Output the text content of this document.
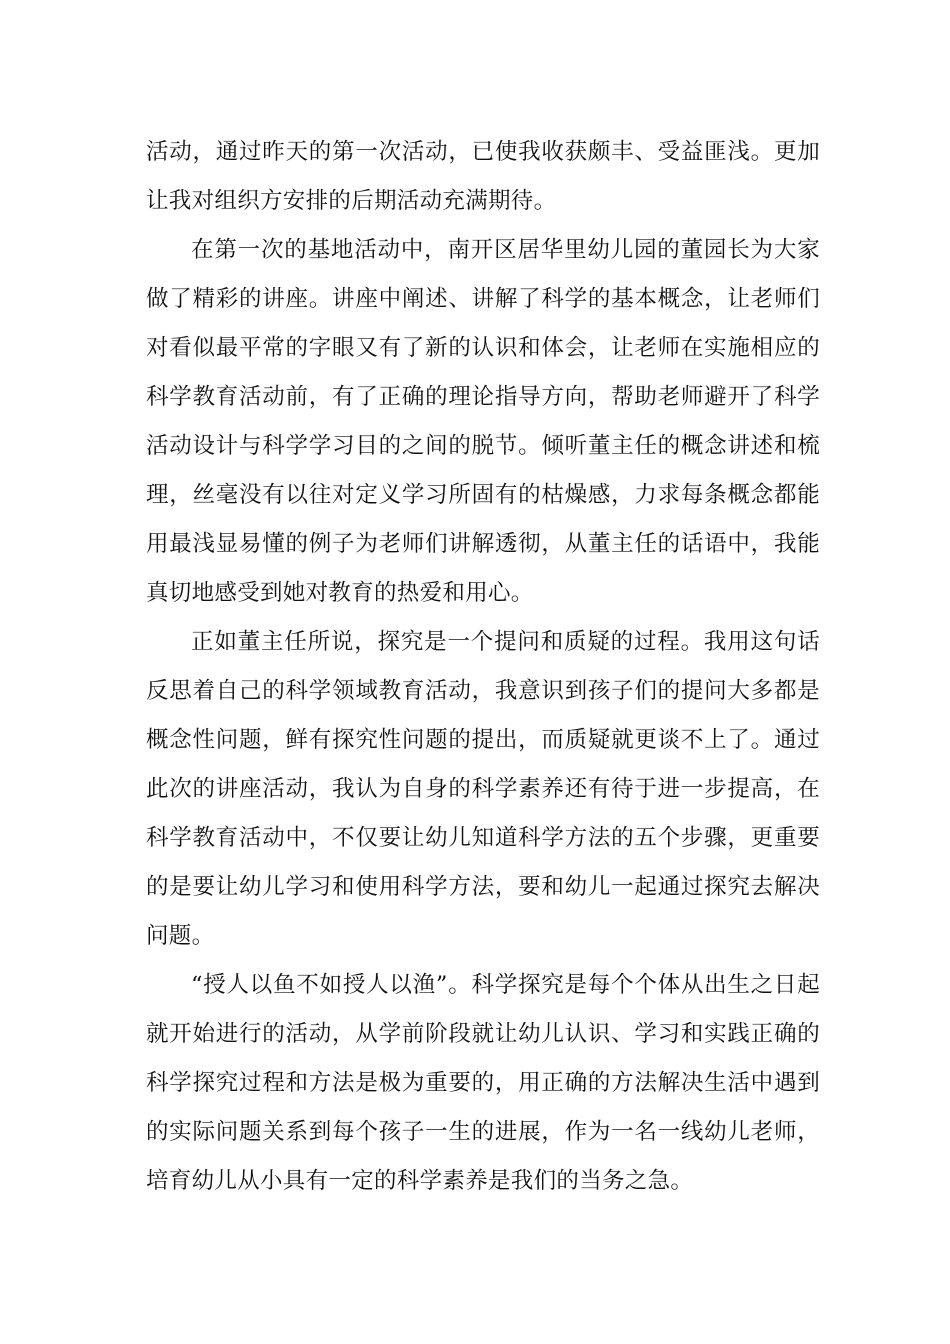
活动，通过昨天的第一次活动，已使我收获颇丰、受益匪浅。更加让我对组织方安排的后期活动充满期待。

在第一次的基地活动中，南开区居华里幼儿园的董园长为大家做了精彩的讲座。讲座中阐述、讲解了科学的基本概念，让老师们对看似最平常的字眼又有了新的认识和体会，让老师在实施相应的科学教育活动前，有了正确的理论指导方向，帮助老师避开了科学活动设计与科学学习目的之间的脱节。倾听董主任的概念讲述和梳理，丝毫没有以往对定义学习所固有的枯燥感，力求每条概念都能用最浅显易懂的例子为老师们讲解透彻，从董主任的话语中，我能真切地感受到她对教育的热爱和用心。

正如董主任所说，探究是一个提问和质疑的过程。我用这句话反思着自己的科学领域教育活动，我意识到孩子们的提问大多都是概念性问题，鲜有探究性问题的提出，而质疑就更谈不上了。通过此次的讲座活动，我认为自身的科学素养还有待于进一步提高，在科学教育活动中，不仅要让幼儿知道科学方法的五个步骤，更重要的是要让幼儿学习和使用科学方法，要和幼儿一起通过探究去解决问题。

“授人以鱼不如授人以渔”。科学探究是每个个体从出生之日起就开始进行的活动，从学前阶段就让幼儿认识、学习和实践正确的科学探究过程和方法是极为重要的，用正确的方法解决生活中遇到的实际问题关系到每个孩子一生的进展，作为一名一线幼儿老师，培育幼儿从小具有一定的科学素养是我们的当务之急。
